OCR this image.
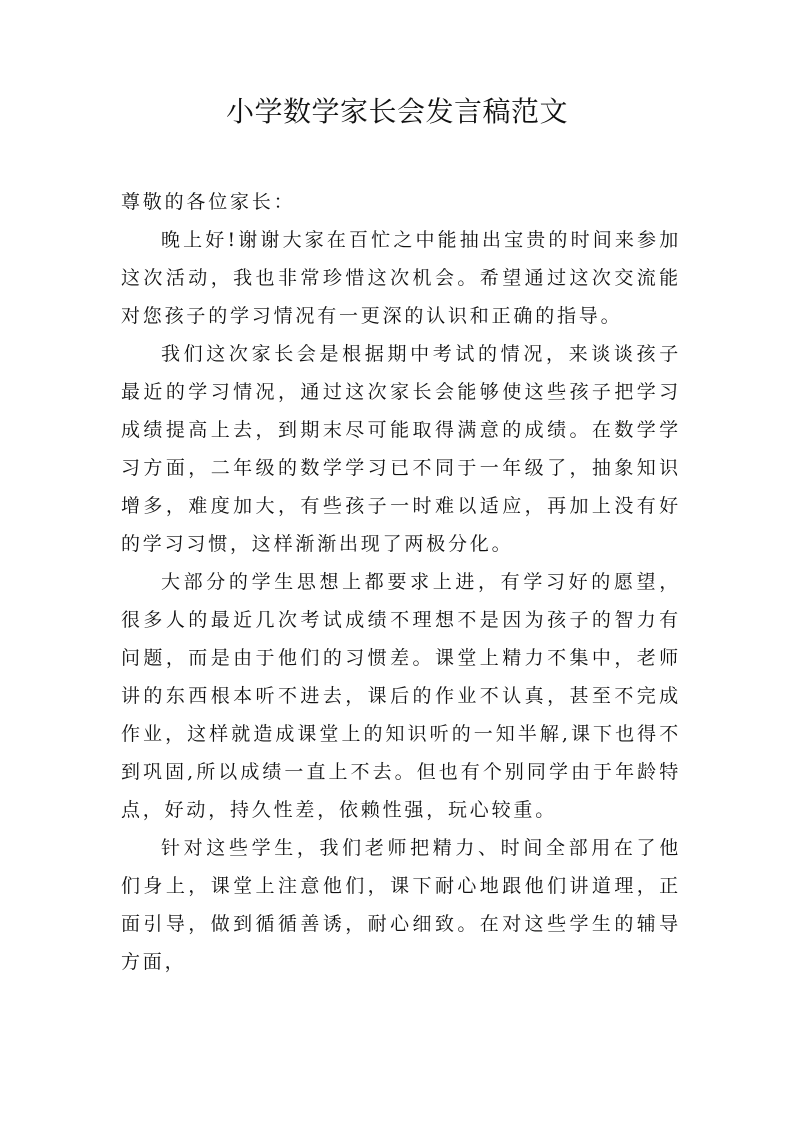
小学数学家长会发言稿范文

尊敬的各位家长：

晚上好!谢谢大家在百忙之中能抽出宝贵的时间来参加这次活动，我也非常珍惜这次机会。希望通过这次交流能对您孩子的学习情况有一更深的认识和正确的指导。

我们这次家长会是根据期中考试的情况，来谈谈孩子最近的学习情况，通过这次家长会能够使这些孩子把学习成绩提高上去，到期末尽可能取得满意的成绩。在数学学习方面，二年级的数学学习已不同于一年级了，抽象知识增多，难度加大，有些孩子一时难以适应，再加上没有好的学习习惯，这样渐渐出现了两极分化。

大部分的学生思想上都要求上进，有学习好的愿望，很多人的最近几次考试成绩不理想不是因为孩子的智力有问题，而是由于他们的习惯差。课堂上精力不集中，老师讲的东西根本听不进去，课后的作业不认真，甚至不完成作业，这样就造成课堂上的知识听的一知半解,课下也得不到巩固,所以成绩一直上不去。但也有个别同学由于年龄特点，好动，持久性差，依赖性强，玩心较重。

针对这些学生，我们老师把精力、时间全部用在了他们身上，课堂上注意他们，课下耐心地跟他们讲道理，正面引导，做到循循善诱，耐心细致。在对这些学生的辅导方面，
